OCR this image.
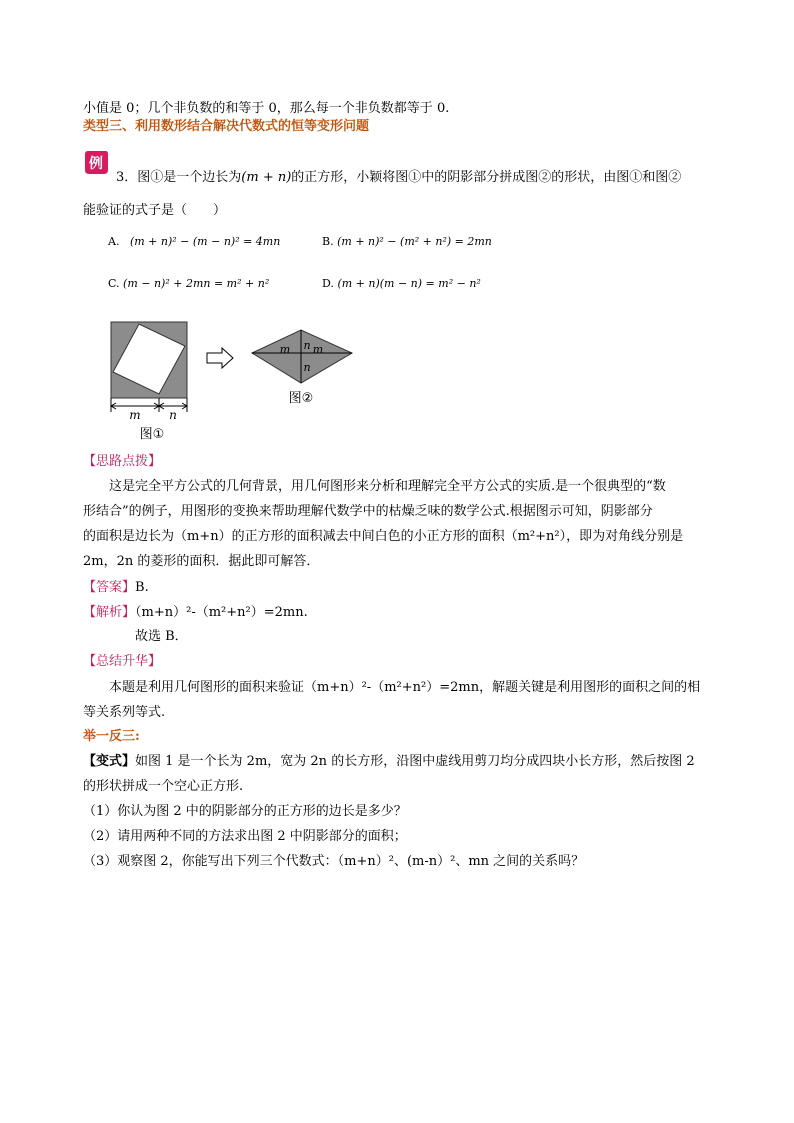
小值是 0；几个非负数的和等于 0，那么每一个非负数都等于 0.
类型三、利用数形结合解决代数式的恒等变形问题
例
3．图①是一个边长为(m + n)的正方形，小颖将图①中的阴影部分拼成图②的形状，由图①和图②
能验证的式子是（　　）
A. (m + n)² − (m − n)² = 4mn	B. (m + n)² − (m² + n²) = 2mn
C. (m − n)² + 2mn = m² + n²	D. (m + n)(m − n) = m² − n²
m n
图①
m n m
n
图②
【思路点拨】
这是完全平方公式的几何背景，用几何图形来分析和理解完全平方公式的实质.是一个很典型的“数
形结合”的例子，用图形的变换来帮助理解代数学中的枯燥乏味的数学公式.根据图示可知，阴影部分
的面积是边长为（m+n）的正方形的面积减去中间白色的小正方形的面积（m²+n²），即为对角线分别是
2m，2n 的菱形的面积．据此即可解答．
【答案】B.
【解析】（m+n）²-（m²+n²）=2mn.
故选 B．
【总结升华】
本题是利用几何图形的面积来验证（m+n）²-（m²+n²）=2mn，解题关键是利用图形的面积之间的相
等关系列等式.
举一反三:
【变式】如图 1 是一个长为 2m，宽为 2n 的长方形，沿图中虚线用剪刀均分成四块小长方形，然后按图 2
的形状拼成一个空心正方形.
（1）你认为图 2 中的阴影部分的正方形的边长是多少？
（2）请用两种不同的方法求出图 2 中阴影部分的面积；
（3）观察图 2，你能写出下列三个代数式：（m+n）²、(m-n）²、mn 之间的关系吗？
